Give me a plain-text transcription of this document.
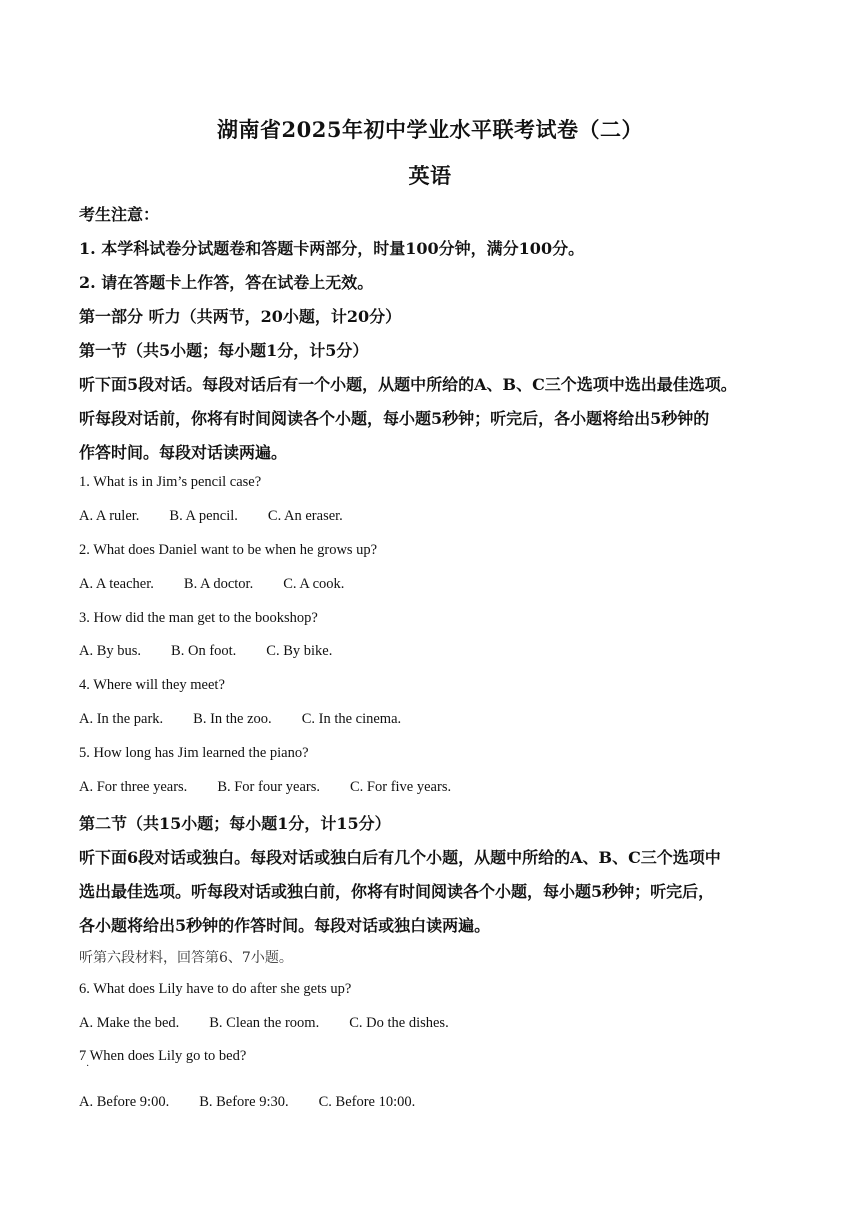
湖南省2025年初中学业水平联考试卷（二）
英语
考生注意：
1. 本学科试卷分试题卷和答题卡两部分，时量100分钟，满分100分。
2. 请在答题卡上作答，答在试卷上无效。
第一部分 听力（共两节，20小题，计20分）
第一节（共5小题；每小题1分，计5分）
听下面5段对话。每段对话后有一个小题，从题中所给的A、B、C三个选项中选出最佳选项。
听每段对话前，你将有时间阅读各个小题，每小题5秒钟；听完后，各小题将给出5秒钟的
作答时间。每段对话读两遍。
1. What is in Jim’s pencil case?
A. A ruler. B. A pencil. C. An eraser.
2. What does Daniel want to be when he grows up?
A. A teacher. B. A doctor. C. A cook.
3. How did the man get to the bookshop?
A. By bus. B. On foot. C. By bike.
4. Where will they meet?
A. In the park. B. In the zoo. C. In the cinema.
5. How long has Jim learned the piano?
A. For three years. B. For four years. C. For five years.
第二节（共15小题；每小题1分，计15分）
听下面6段对话或独白。每段对话或独白后有几个小题，从题中所给的A、B、C三个选项中
选出最佳选项。听每段对话或独白前，你将有时间阅读各个小题，每小题5秒钟；听完后，
各小题将给出5秒钟的作答时间。每段对话或独白读两遍。
听第六段材料，回答第6、7小题。
6. What does Lily have to do after she gets up?
A. Make the bed. B. Clean the room. C. Do the dishes.
7 When does Lily go to bed?
·
A. Before 9:00. B. Before 9:30. C. Before 10:00.
